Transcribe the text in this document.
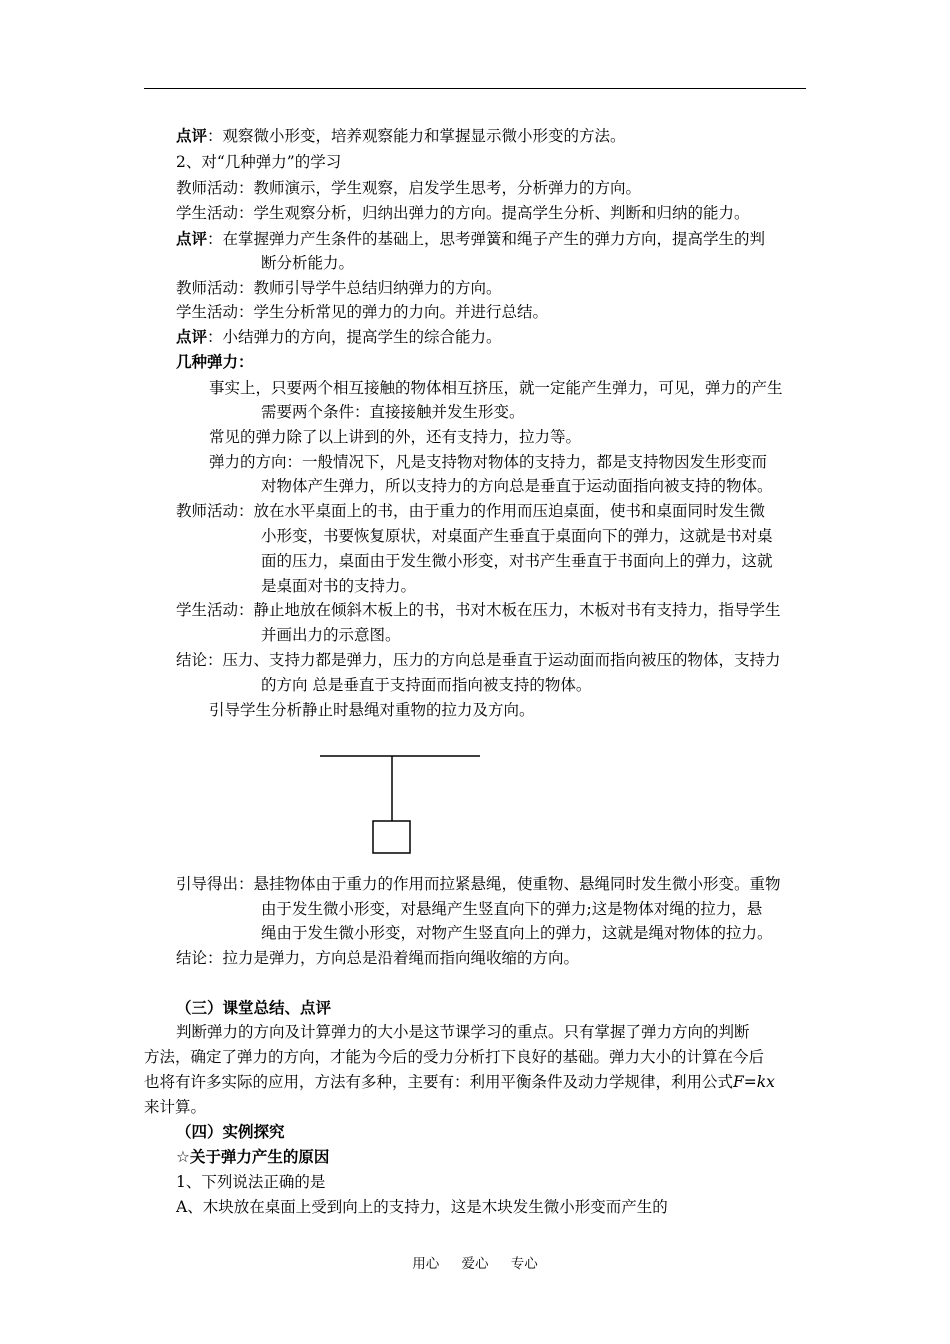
点评：观察微小形变，培养观察能力和掌握显示微小形变的方法。
2、对“几种弹力”的学习
教师活动：教师演示，学生观察，启发学生思考，分析弹力的方向。
学生活动：学生观察分析，归纳出弹力的方向。提高学生分析、判断和归纳的能力。
点评：在掌握弹力产生条件的基础上，思考弹簧和绳子产生的弹力方向，提高学生的判
断分析能力。
教师活动：教师引导学牛总结归纳弹力的方向。
学生活动：学生分析常见的弹力的力向。并进行总结。
点评：小结弹力的方向，提高学生的综合能力。
几种弹力：
事实上，只要两个相互接触的物体相互挤压，就一定能产生弹力，可见，弹力的产生
需要两个条件：直接接触并发生形变。
常见的弹力除了以上讲到的外，还有支持力，拉力等。
弹力的方向：一般情况下，凡是支持物对物体的支持力，都是支持物因发生形变而
对物体产生弹力，所以支持力的方向总是垂直于运动面指向被支持的物体。
教师活动：放在水平桌面上的书，由于重力的作用而压迫桌面，使书和桌面同时发生微
小形变，书要恢复原状，对桌面产生垂直于桌面向下的弹力，这就是书对桌
面的压力，桌面由于发生微小形变，对书产生垂直于书面向上的弹力，这就
是桌面对书的支持力。
学生活动：静止地放在倾斜木板上的书，书对木板在压力，木板对书有支持力，指导学生
并画出力的示意图。
结论：压力、支持力都是弹力，压力的方向总是垂直于运动面而指向被压的物体，支持力
的方向 总是垂直于支持面而指向被支持的物体。
引导学生分析静止时悬绳对重物的拉力及方向。
引导得出：悬挂物体由于重力的作用而拉紧悬绳，使重物、悬绳同时发生微小形变。重物
由于发生微小形变，对悬绳产生竖直向下的弹力;这是物体对绳的拉力，悬
绳由于发生微小形变，对物产生竖直向上的弹力，这就是绳对物体的拉力。
结论：拉力是弹力，方向总是沿着绳而指向绳收缩的方向。
（三）课堂总结、点评
判断弹力的方向及计算弹力的大小是这节课学习的重点。只有掌握了弹力方向的判断
方法，确定了弹力的方向，才能为今后的受力分析打下良好的基础。弹力大小的计算在今后
也将有许多实际的应用，方法有多种，主要有：利用平衡条件及动力学规律，利用公式F=kx
来计算。
（四）实例探究
☆关于弹力产生的原因
1、下列说法正确的是
A、木块放在桌面上受到向上的支持力，这是木块发生微小形变而产生的
用心 爱心 专心
